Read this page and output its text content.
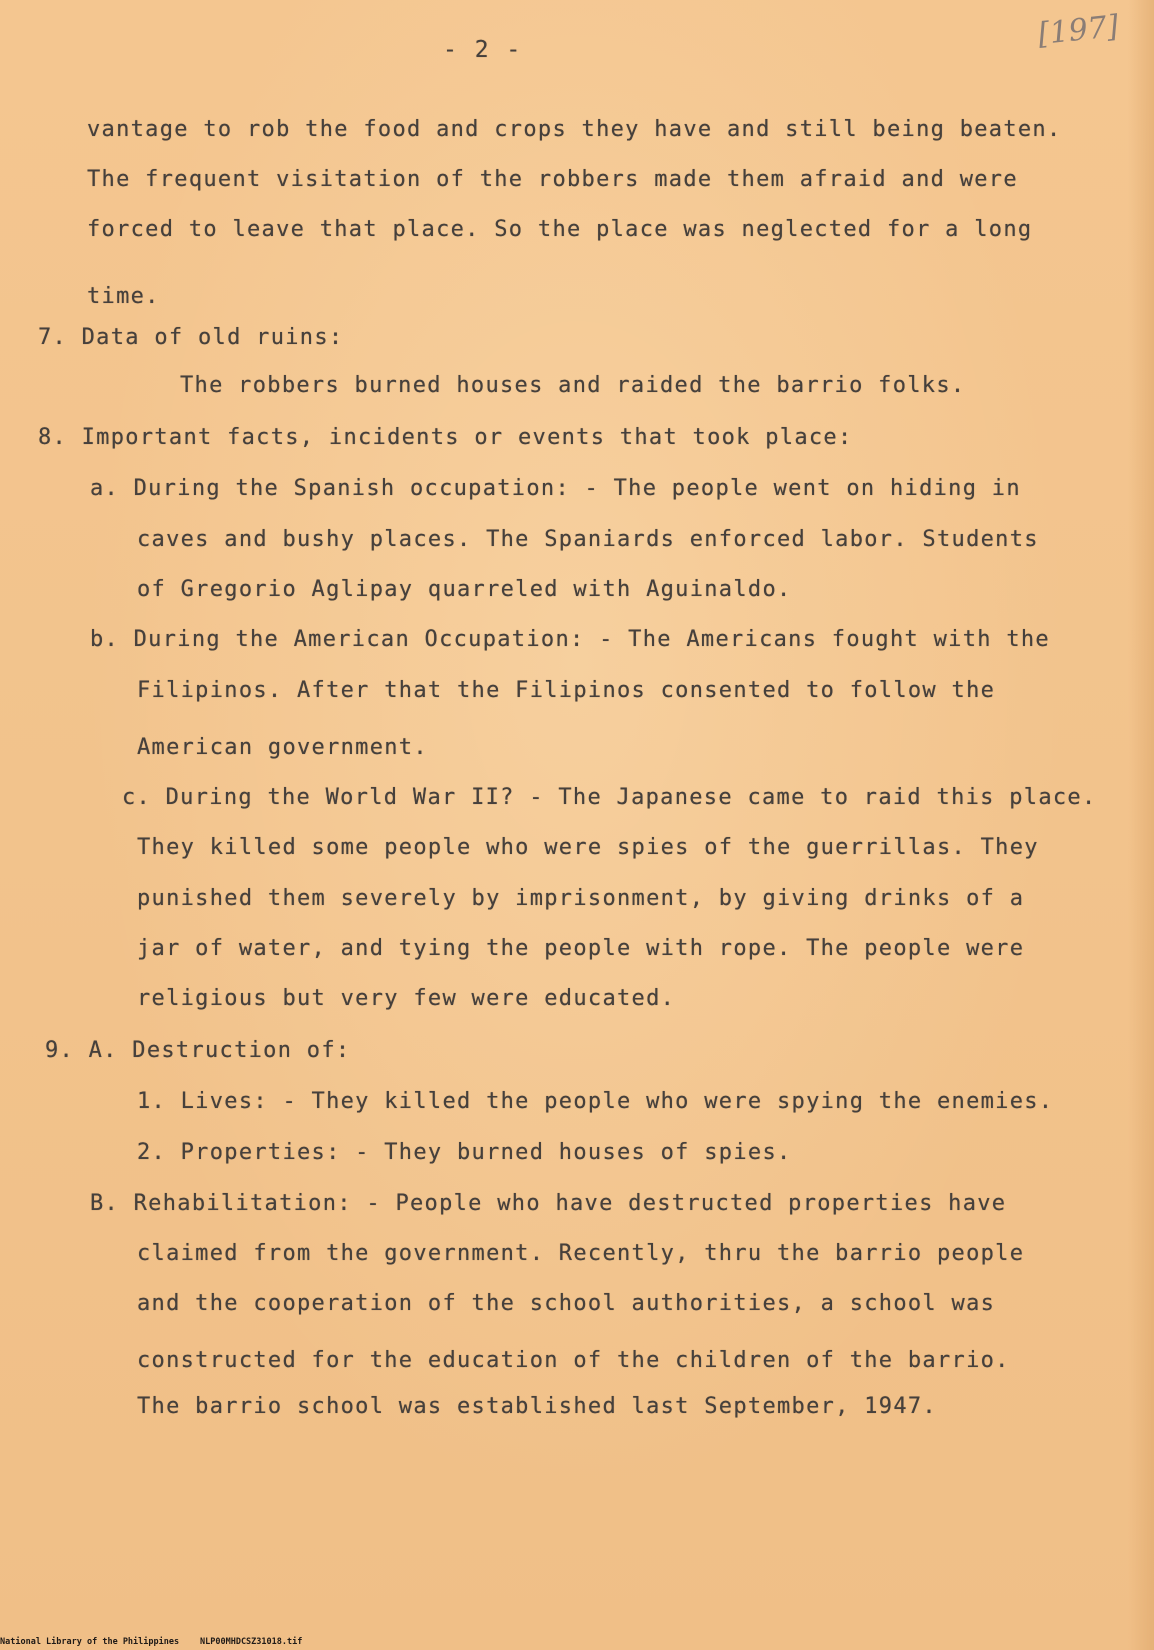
- 2 -	[197]

vantage to rob the food and crops they have and still being beaten.

The frequent visitation of the robbers made them afraid and were

forced to leave that place. So the place was neglected for a long

time.

7. Data of old ruins:

The robbers burned houses and raided the barrio folks.

8. Important facts, incidents or events that took place:

a. During the Spanish occupation: - The people went on hiding in

caves and bushy places. The Spaniards enforced labor. Students

of Gregorio Aglipay quarreled with Aguinaldo.

b. During the American Occupation: - The Americans fought with the

Filipinos. After that the Filipinos consented to follow the

American government.

c. During the World War II? - The Japanese came to raid this place.

They killed some people who were spies of the guerrillas. They

punished them severely by imprisonment, by giving drinks of a

jar of water, and tying the people with rope. The people were

religious but very few were educated.

9. A. Destruction of:

1. Lives: - They killed the people who were spying the enemies.

2. Properties: - They burned houses of spies.

B. Rehabilitation: - People who have destructed properties have

claimed from the government. Recently, thru the barrio people

and the cooperation of the school authorities, a school was

constructed for the education of the children of the barrio.

The barrio school was established last September, 1947.

National Library of the Philippines NLP00MHDCSZ31018.tif
